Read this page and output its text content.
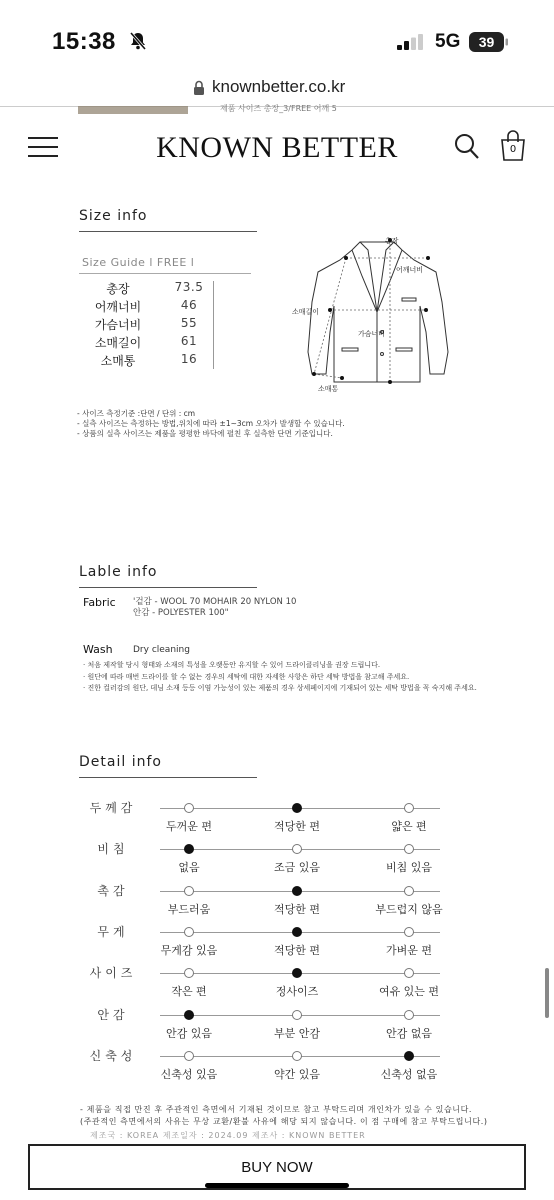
15:38	5G 39
knownbetter.co.kr
제품 사이즈 총장_3/FREE 어깨 5
KNOWN BETTER	0
Size info
Size Guide l FREE l
총장	73.5
어깨너비	46
가슴너비	55
소매길이	61
소매통	16
총장
어깨너비
소매길이
가슴너비
소매통
- 사이즈 측정기준 :단면 / 단위 : cm
- 실측 사이즈는 측정하는 방법,위치에 따라 ±1~3cm 오차가 발생할 수 있습니다.
- 상품의 실측 사이즈는 제품을 평평한 바닥에 펼친 후 실측한 단면 기준입니다.
Lable info
Fabric '겉감 - WOOL 70 MOHAIR 20 NYLON 10
안감 - POLYESTER 100"
Wash Dry cleaning
· 처음 제작할 당시 형태와 소재의 특성을 오랫동안 유지할 수 있어 드라이클리닝을 권장 드립니다.
· 원단에 따라 매번 드라이를 할 수 없는 경우의 세탁에 대한 자세한 사항은 하단 세탁 방법을 참고해 주세요.
· 진한 컬러감의 원단, 데님 소재 등등 이염 가능성이 있는 제품의 경우 상세페이지에 기재되어 있는 세탁 방법을 꼭 숙지해 주세요.
Detail info
두께감
두꺼운 편	적당한 편	얇은 편
비침
없음	조금 있음	비침 있음
촉감
부드러움	적당한 편	부드럽지 않음
무게
무게감 있음	적당한 편	가벼운 편
사이즈
작은 편	정사이즈	여유 있는 편
안감
안감 있음	부분 안감	안감 없음
신축성
신축성 있음	약간 있음	신축성 없음
- 제품을 직접 만진 후 주관적인 측면에서 기재된 것이므로 참고 부탁드리며 개인차가 있을 수 있습니다.
(주관적인 측면에서의 사유는 무상 교환/환불 사유에 해당 되지 않습니다. 이 점 구매에 참고 부탁드립니다.)
제조국 : KOREA 제조일자 : 2024.09 제조사 : KNOWN BETTER
BUY NOW
